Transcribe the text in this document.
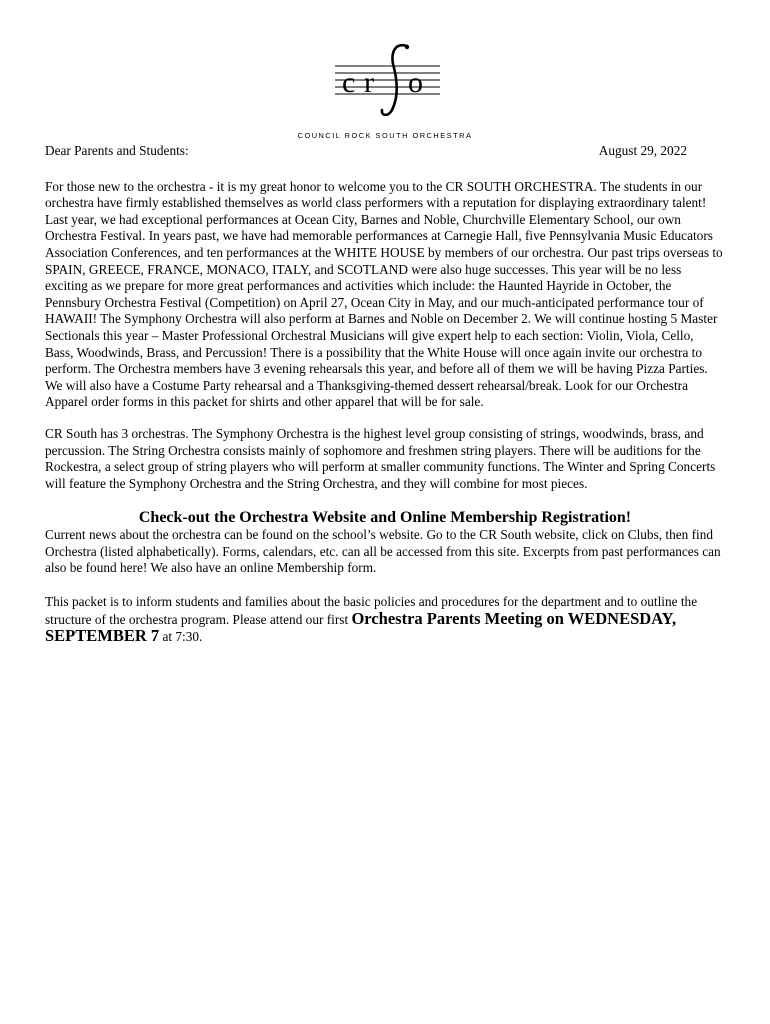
c r o
COUNCIL ROCK SOUTH ORCHESTRA
Dear Parents and Students:	August 29, 2022

For those new to the orchestra - it is my great honor to welcome you to the CR SOUTH ORCHESTRA. The students in our orchestra have firmly established themselves as world class performers with a reputation for displaying extraordinary talent! Last year, we had exceptional performances at Ocean City, Barnes and Noble, Churchville Elementary School, our own Orchestra Festival. In years past, we have had memorable performances at Carnegie Hall, five Pennsylvania Music Educators Association Conferences, and ten performances at the WHITE HOUSE by members of our orchestra. Our past trips overseas to SPAIN, GREECE, FRANCE, MONACO, ITALY, and SCOTLAND were also huge successes. This year will be no less exciting as we prepare for more great performances and activities which include: the Haunted Hayride in October, the Pennsbury Orchestra Festival (Competition) on April 27, Ocean City in May, and our much-anticipated performance tour of HAWAII! The Symphony Orchestra will also perform at Barnes and Noble on December 2. We will continue hosting 5 Master Sectionals this year – Master Professional Orchestral Musicians will give expert help to each section: Violin, Viola, Cello, Bass, Woodwinds, Brass, and Percussion! There is a possibility that the White House will once again invite our orchestra to perform. The Orchestra members have 3 evening rehearsals this year, and before all of them we will be having Pizza Parties. We will also have a Costume Party rehearsal and a Thanksgiving-themed dessert rehearsal/break. Look for our Orchestra Apparel order forms in this packet for shirts and other apparel that will be for sale.

CR South has 3 orchestras. The Symphony Orchestra is the highest level group consisting of strings, woodwinds, brass, and percussion. The String Orchestra consists mainly of sophomore and freshmen string players. There will be auditions for the Rockestra, a select group of string players who will perform at smaller community functions. The Winter and Spring Concerts will feature the Symphony Orchestra and the String Orchestra, and they will combine for most pieces.

Check-out the Orchestra Website and Online Membership Registration!

Current news about the orchestra can be found on the school’s website. Go to the CR South website, click on Clubs, then find Orchestra (listed alphabetically). Forms, calendars, etc. can all be accessed from this site. Excerpts from past performances can also be found here! We also have an online Membership form.

This packet is to inform students and families about the basic policies and procedures for the department and to outline the structure of the orchestra program. Please attend our first Orchestra Parents Meeting on WEDNESDAY, SEPTEMBER 7 at 7:30.
